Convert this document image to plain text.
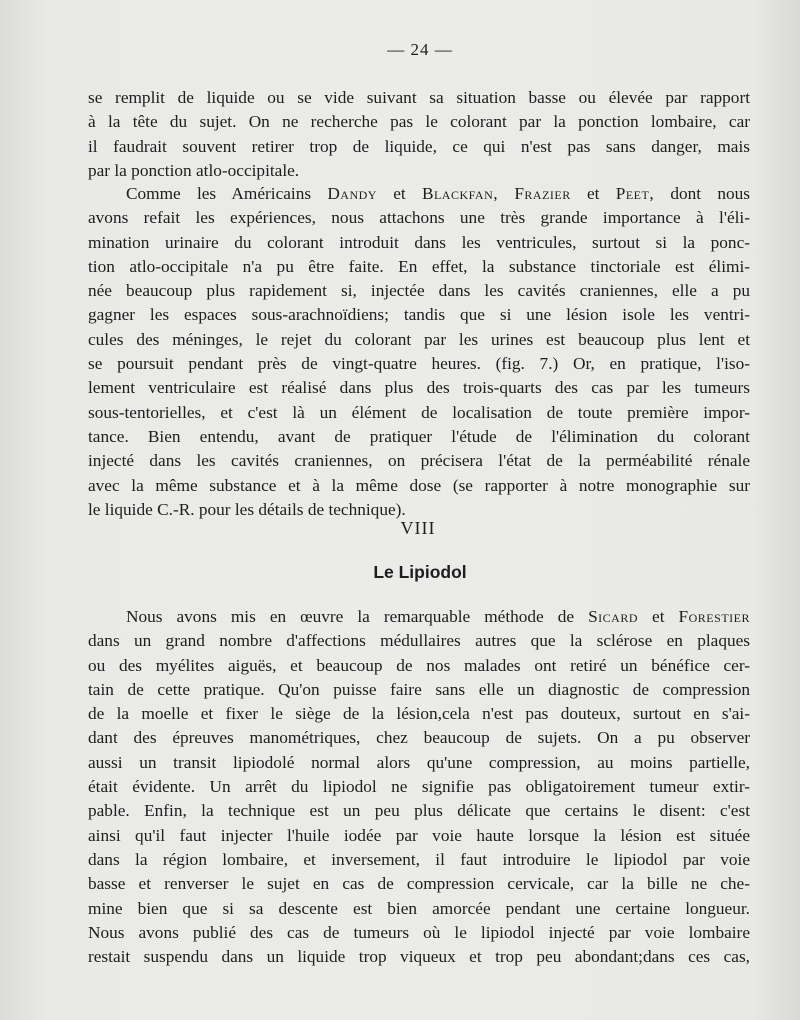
— 24 —
se remplit de liquide ou se vide suivant sa situation basse ou élevée par rapport
à la tête du sujet. On ne recherche pas le colorant par la ponction lombaire, car
il faudrait souvent retirer trop de liquide, ce qui n'est pas sans danger, mais
par la ponction atlo-occipitale.
Comme les Américains Dandy et Blackfan, Frazier et Peet, dont nous
avons refait les expériences, nous attachons une très grande importance à l'éli-
mination urinaire du colorant introduit dans les ventricules, surtout si la ponc-
tion atlo-occipitale n'a pu être faite. En effet, la substance tinctoriale est élimi-
née beaucoup plus rapidement si, injectée dans les cavités craniennes, elle a pu
gagner les espaces sous-arachnoïdiens; tandis que si une lésion isole les ventri-
cules des méninges, le rejet du colorant par les urines est beaucoup plus lent et
se poursuit pendant près de vingt-quatre heures. (fig. 7.) Or, en pratique, l'iso-
lement ventriculaire est réalisé dans plus des trois-quarts des cas par les tumeurs
sous-tentorielles, et c'est là un élément de localisation de toute première impor-
tance. Bien entendu, avant de pratiquer l'étude de l'élimination du colorant
injecté dans les cavités craniennes, on précisera l'état de la perméabilité rénale
avec la même substance et à la même dose (se rapporter à notre monographie sur
le liquide C.-R. pour les détails de technique).
VIII
Le Lipiodol
Nous avons mis en œuvre la remarquable méthode de Sicard et Forestier
dans un grand nombre d'affections médullaires autres que la sclérose en plaques
ou des myélites aiguës, et beaucoup de nos malades ont retiré un bénéfice cer-
tain de cette pratique. Qu'on puisse faire sans elle un diagnostic de compression
de la moelle et fixer le siège de la lésion,cela n'est pas douteux, surtout en s'ai-
dant des épreuves manométriques, chez beaucoup de sujets. On a pu observer
aussi un transit lipiodolé normal alors qu'une compression, au moins partielle,
était évidente. Un arrêt du lipiodol ne signifie pas obligatoirement tumeur extir-
pable. Enfin, la technique est un peu plus délicate que certains le disent: c'est
ainsi qu'il faut injecter l'huile iodée par voie haute lorsque la lésion est située
dans la région lombaire, et inversement, il faut introduire le lipiodol par voie
basse et renverser le sujet en cas de compression cervicale, car la bille ne che-
mine bien que si sa descente est bien amorcée pendant une certaine longueur.
Nous avons publié des cas de tumeurs où le lipiodol injecté par voie lombaire
restait suspendu dans un liquide trop viqueux et trop peu abondant;dans ces cas,
